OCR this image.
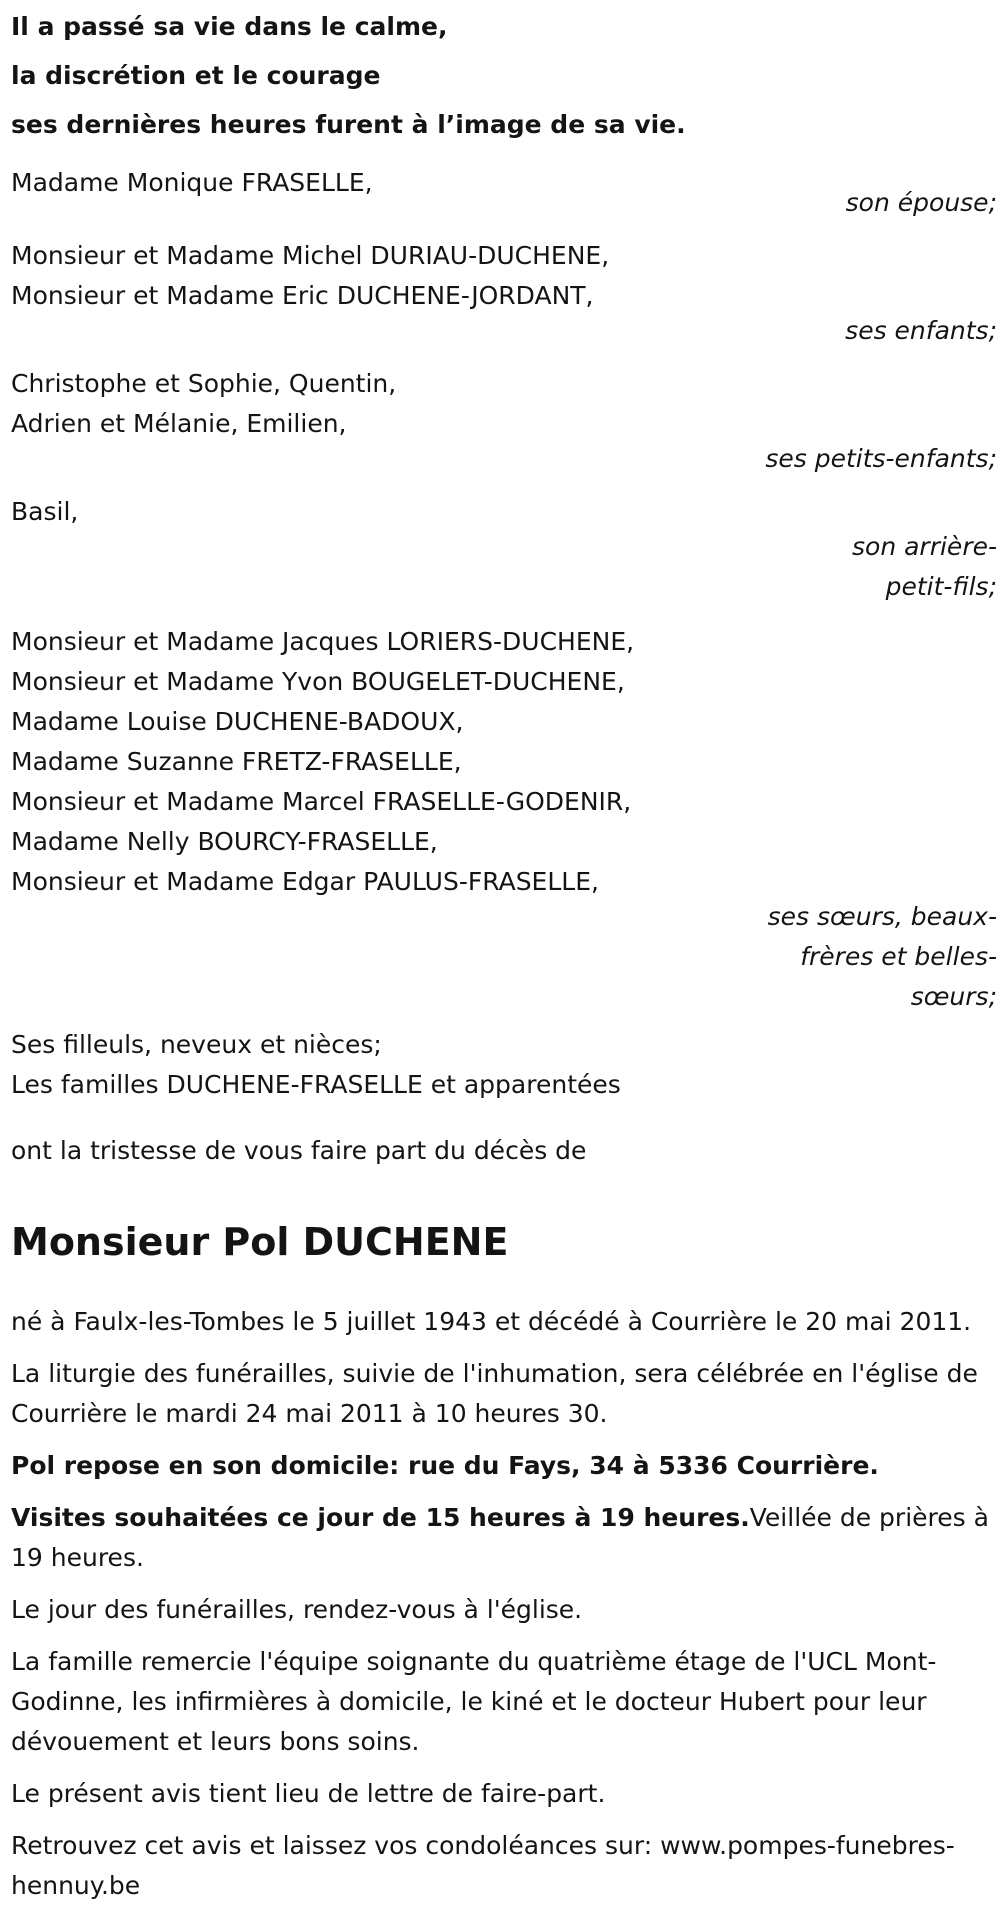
Il a passé sa vie dans le calme,
la discrétion et le courage
ses dernières heures furent à l’image de sa vie.
Madame Monique FRASELLE,
son épouse;
Monsieur et Madame Michel DURIAU-DUCHENE,
Monsieur et Madame Eric DUCHENE-JORDANT,
ses enfants;
Christophe et Sophie, Quentin,
Adrien et Mélanie, Emilien,
ses petits-enfants;
Basil,
son arrière-petit-fils;
Monsieur et Madame Jacques LORIERS-DUCHENE,
Monsieur et Madame Yvon BOUGELET-DUCHENE,
Madame Louise DUCHENE-BADOUX,
Madame Suzanne FRETZ-FRASELLE,
Monsieur et Madame Marcel FRASELLE-GODENIR,
Madame Nelly BOURCY-FRASELLE,
Monsieur et Madame Edgar PAULUS-FRASELLE,
ses sœurs, beaux-frères et belles-sœurs;
Ses filleuls, neveux et nièces;
Les familles DUCHENE-FRASELLE et apparentées
ont la tristesse de vous faire part du décès de
Monsieur Pol DUCHENE
né à Faulx-les-Tombes le 5 juillet 1943 et décédé à Courrière le 20 mai 2011.
La liturgie des funérailles, suivie de l'inhumation, sera célébrée en l'église de Courrière le mardi 24 mai 2011 à 10 heures 30.
Pol repose en son domicile: rue du Fays, 34 à 5336 Courrière.
Visites souhaitées ce jour de 15 heures à 19 heures.Veillée de prières à 19 heures.
Le jour des funérailles, rendez-vous à l'église.
La famille remercie l'équipe soignante du quatrième étage de l'UCL Mont-Godinne, les infirmières à domicile, le kiné et le docteur Hubert pour leur dévouement et leurs bons soins.
Le présent avis tient lieu de lettre de faire-part.
Retrouvez cet avis et laissez vos condoléances sur: www.pompes-funebres-hennuy.be
